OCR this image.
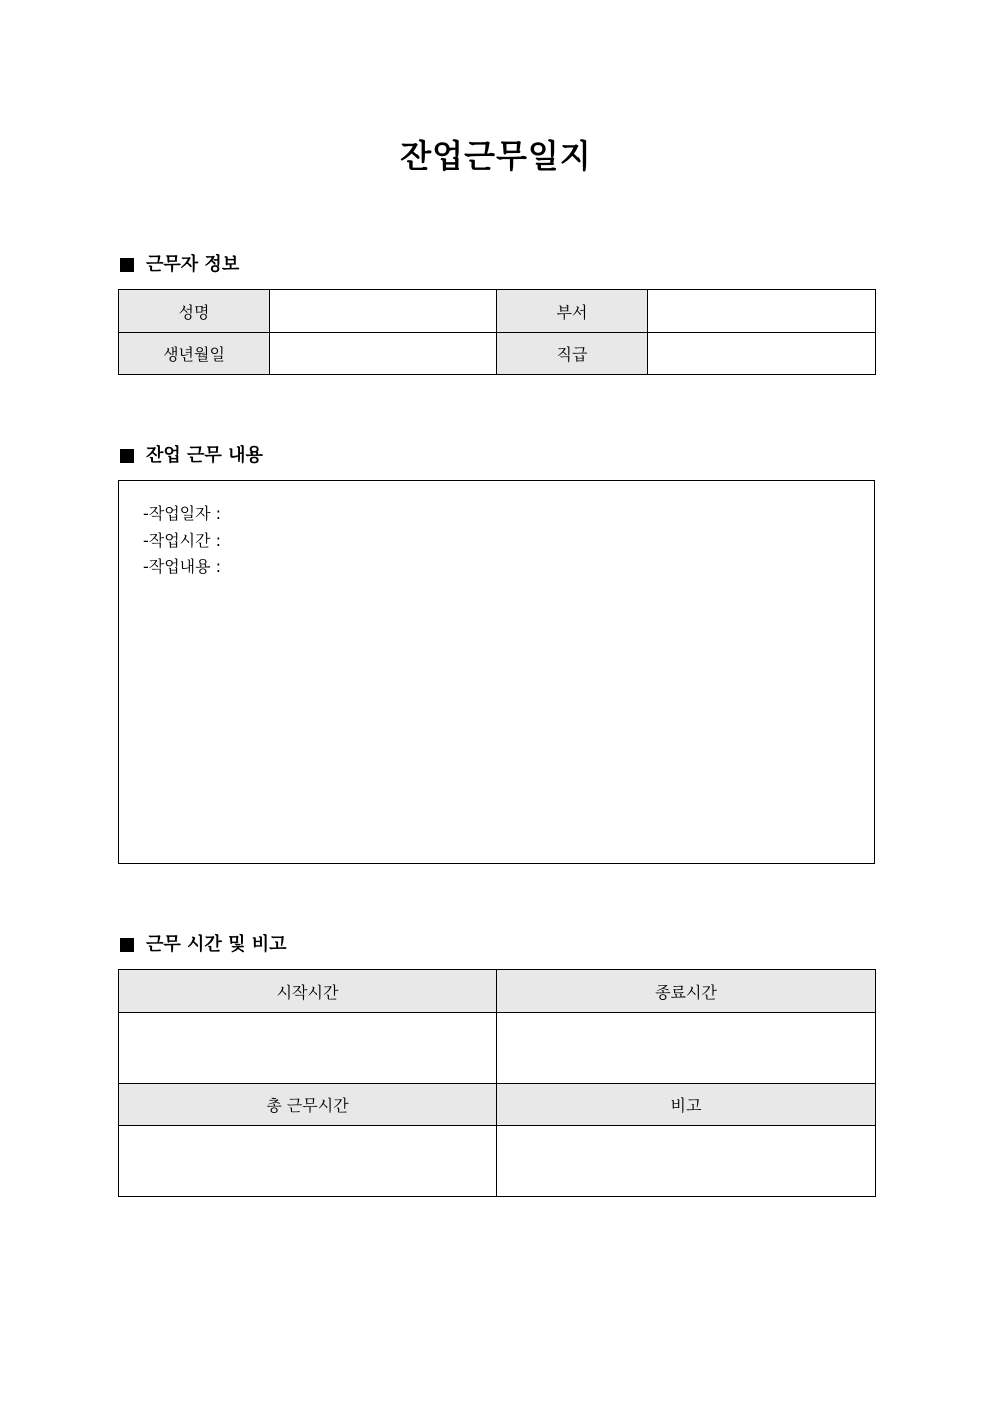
잔업근무일지
근무자 정보
성명		부서	
생년월일		직급	
잔업 근무 내용
-작업일자 :
-작업시간 :
-작업내용 :
근무 시간 및 비고
시작시간	종료시간

총 근무시간	비고
